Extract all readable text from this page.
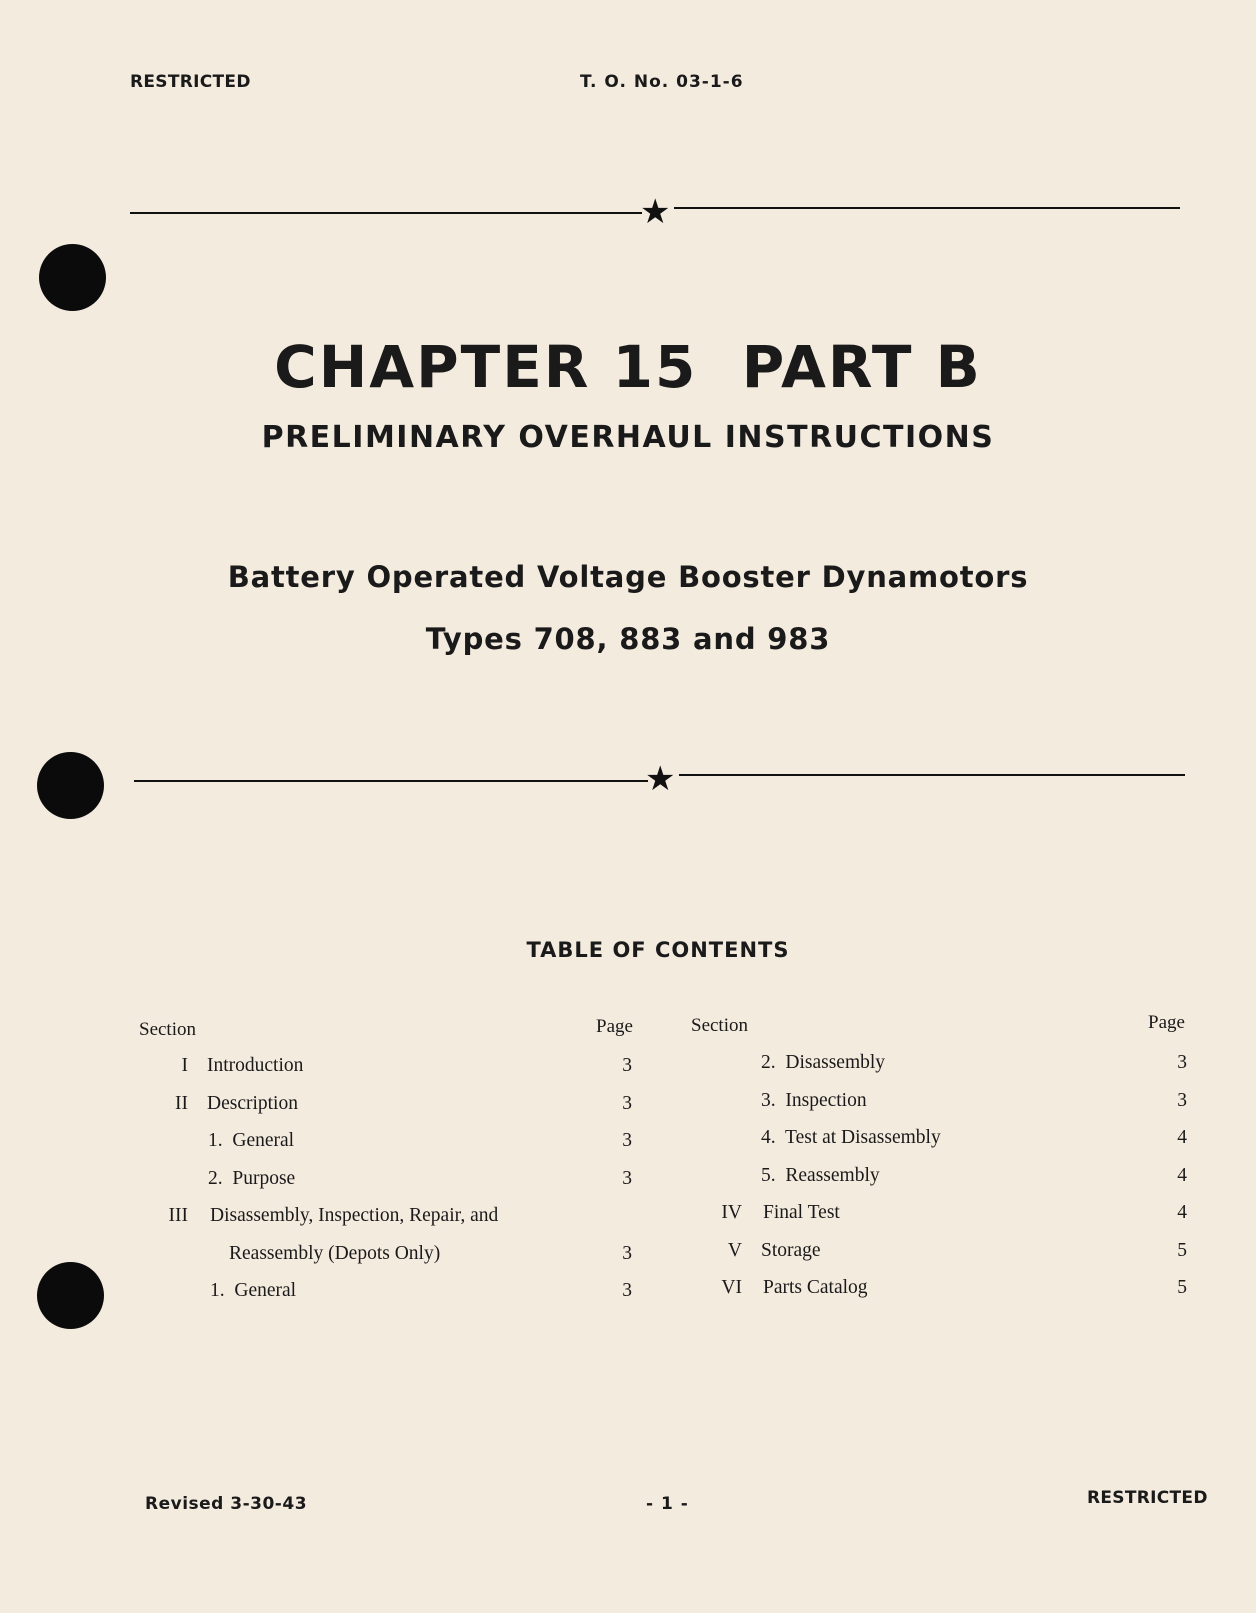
RESTRICTED	T. O. No. 03-1-6
★
CHAPTER 15  PART B
PRELIMINARY OVERHAUL INSTRUCTIONS
Battery Operated Voltage Booster Dynamotors
Types 708, 883 and 983
★
TABLE OF CONTENTS
Section	Page	Section	Page
I Introduction	3
II Description	3
1.  General	3
2.  Purpose	3
III Disassembly, Inspection, Repair, and
Reassembly (Depots Only)	3
1.  General	3
2.  Disassembly	3
3.  Inspection	3
4.  Test at Disassembly	4
5.  Reassembly	4
IV Final Test	4
V Storage	5
VI Parts Catalog	5
Revised 3-30-43	- 1 -	RESTRICTED
